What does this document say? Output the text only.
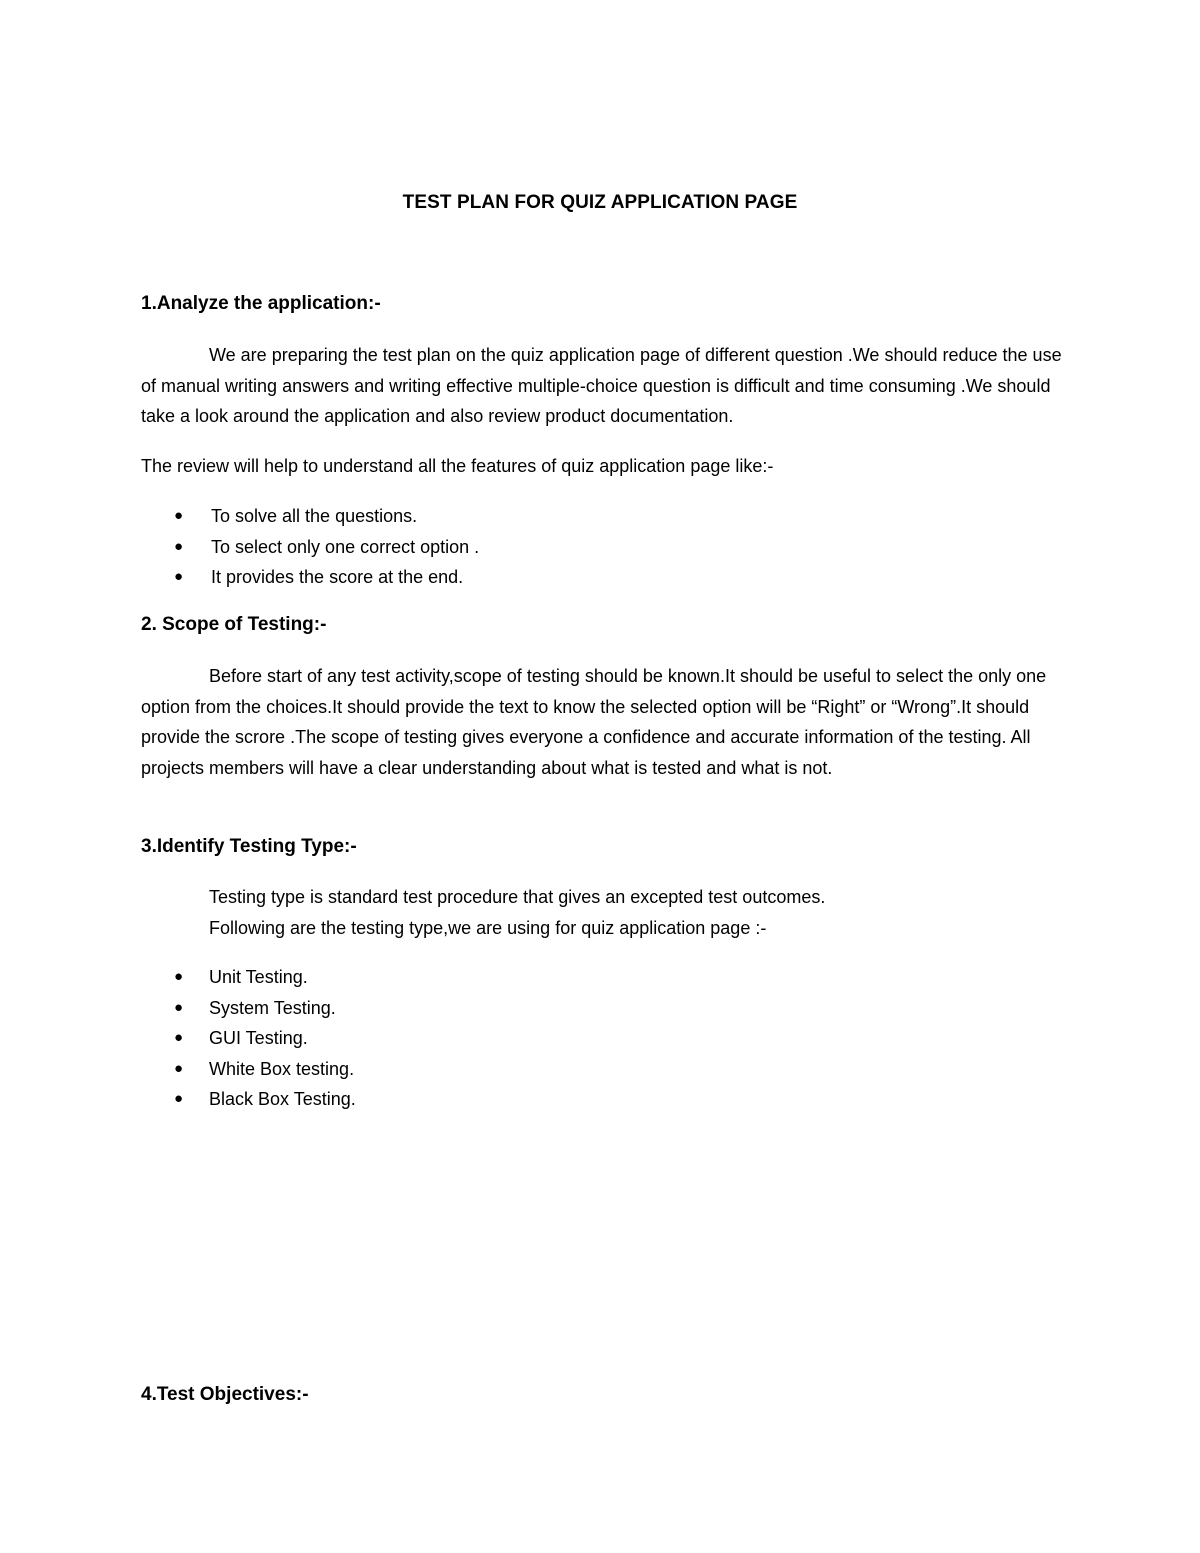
TEST PLAN FOR QUIZ APPLICATION PAGE
1.Analyze the application:-

We are preparing the test plan on the quiz application page of different question .We should reduce the use of manual writing answers and writing effective multiple-choice question is difficult and time consuming .We should take a look around the application and also review product documentation.

The review will help to understand all the features of quiz application page like:-

● To solve all the questions.
● To select only one correct option .
● It provides the score at the end.
2. Scope of Testing:-

Before start of any test activity,scope of testing should be known.It should be useful to select the only one option from the choices.It should provide the text to know the selected option will be “Right” or “Wrong”.It should provide the scrore .The scope of testing gives everyone a confidence and accurate information of the testing. All projects members will have a clear understanding about what is tested and what is not.

3.Identify Testing Type:-
Testing type is standard test procedure that gives an excepted test outcomes.
Following are the testing type,we are using for quiz application page :-
● Unit Testing.
● System Testing.
● GUI Testing.
● White Box testing.
● Black Box Testing.
4.Test Objectives:-
